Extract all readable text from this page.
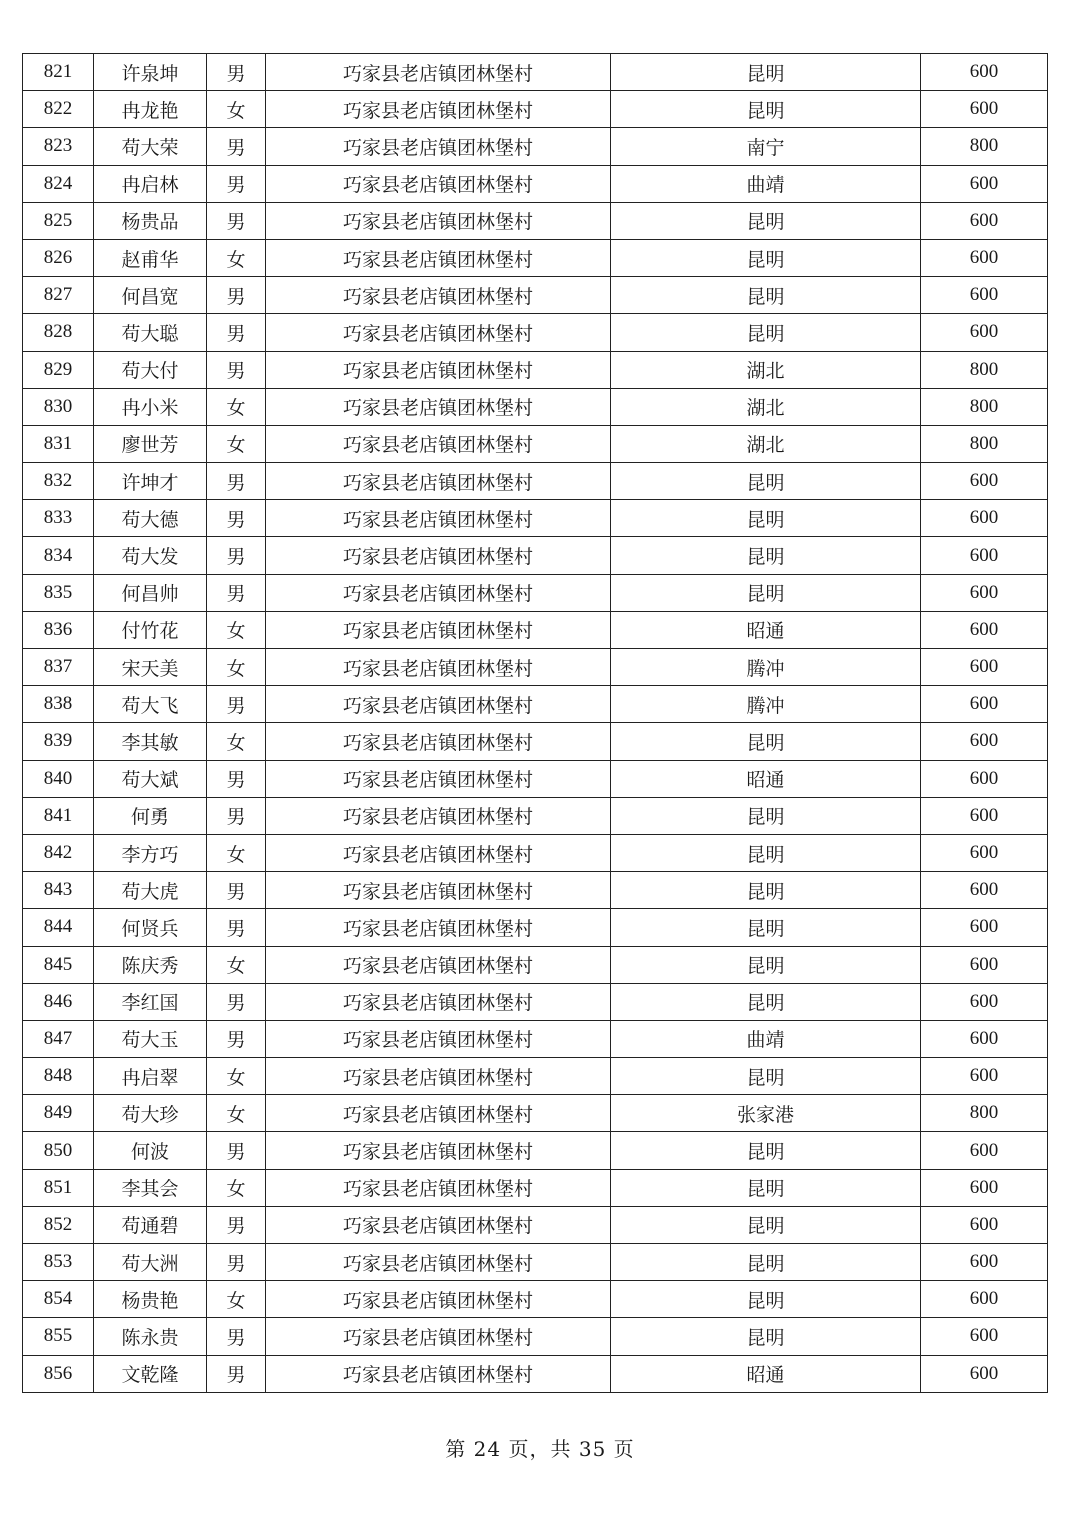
821	许泉坤	男	巧家县老店镇团林堡村	昆明	600
822	冉龙艳	女	巧家县老店镇团林堡村	昆明	600
823	苟大荣	男	巧家县老店镇团林堡村	南宁	800
824	冉启林	男	巧家县老店镇团林堡村	曲靖	600
825	杨贵品	男	巧家县老店镇团林堡村	昆明	600
826	赵甫华	女	巧家县老店镇团林堡村	昆明	600
827	何昌宽	男	巧家县老店镇团林堡村	昆明	600
828	苟大聪	男	巧家县老店镇团林堡村	昆明	600
829	苟大付	男	巧家县老店镇团林堡村	湖北	800
830	冉小米	女	巧家县老店镇团林堡村	湖北	800
831	廖世芳	女	巧家县老店镇团林堡村	湖北	800
832	许坤才	男	巧家县老店镇团林堡村	昆明	600
833	苟大德	男	巧家县老店镇团林堡村	昆明	600
834	苟大发	男	巧家县老店镇团林堡村	昆明	600
835	何昌帅	男	巧家县老店镇团林堡村	昆明	600
836	付竹花	女	巧家县老店镇团林堡村	昭通	600
837	宋天美	女	巧家县老店镇团林堡村	腾冲	600
838	苟大飞	男	巧家县老店镇团林堡村	腾冲	600
839	李其敏	女	巧家县老店镇团林堡村	昆明	600
840	苟大斌	男	巧家县老店镇团林堡村	昭通	600
841	何勇	男	巧家县老店镇团林堡村	昆明	600
842	李方巧	女	巧家县老店镇团林堡村	昆明	600
843	苟大虎	男	巧家县老店镇团林堡村	昆明	600
844	何贤兵	男	巧家县老店镇团林堡村	昆明	600
845	陈庆秀	女	巧家县老店镇团林堡村	昆明	600
846	李红国	男	巧家县老店镇团林堡村	昆明	600
847	苟大玉	男	巧家县老店镇团林堡村	曲靖	600
848	冉启翠	女	巧家县老店镇团林堡村	昆明	600
849	苟大珍	女	巧家县老店镇团林堡村	张家港	800
850	何波	男	巧家县老店镇团林堡村	昆明	600
851	李其会	女	巧家县老店镇团林堡村	昆明	600
852	苟通碧	男	巧家县老店镇团林堡村	昆明	600
853	苟大洲	男	巧家县老店镇团林堡村	昆明	600
854	杨贵艳	女	巧家县老店镇团林堡村	昆明	600
855	陈永贵	男	巧家县老店镇团林堡村	昆明	600
856	文乾隆	男	巧家县老店镇团林堡村	昭通	600
第 24 页，共 35 页
